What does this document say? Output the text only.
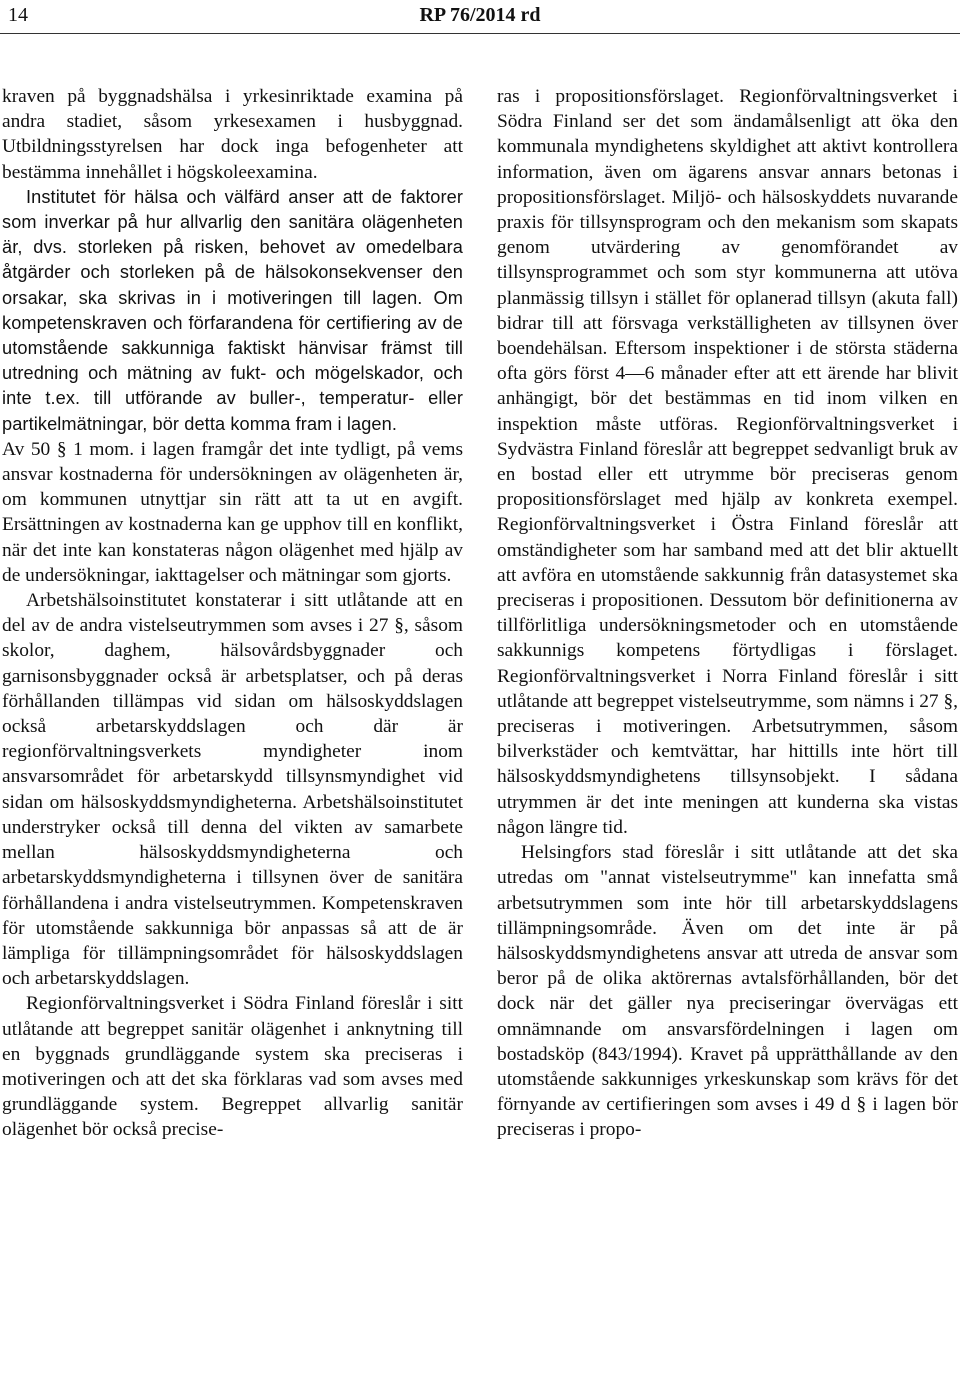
14	RP 76/2014 rd

kraven på byggnadshälsa i yrkesinriktade examina på andra stadiet, såsom yrkesexamen i husbyggnad. Utbildningsstyrelsen har dock inga befogenheter att bestämma innehållet i högskoleexamina.

Institutet för hälsa och välfärd anser att de faktorer som inverkar på hur allvarlig den sanitära olägenheten är, dvs. storleken på risken, behovet av omedelbara åtgärder och storleken på de hälsokonsekvenser den orsakar, ska skrivas in i motiveringen till lagen. Om kompetenskraven och förfarandena för certifiering av de utomstående sakkunniga faktiskt hänvisar främst till utredning och mätning av fukt- och mögelskador, och inte t.ex. till utförande av buller-, temperatur- eller partikelmätningar, bör detta komma fram i lagen.

Av 50 § 1 mom. i lagen framgår det inte tydligt, på vems ansvar kostnaderna för undersökningen av olägenheten är, om kommunen utnyttjar sin rätt att ta ut en avgift. Ersättningen av kostnaderna kan ge upphov till en konflikt, när det inte kan konstateras någon olägenhet med hjälp av de undersökningar, iakttagelser och mätningar som gjorts.

Arbetshälsoinstitutet konstaterar i sitt utlåtande att en del av de andra vistelseutrymmen som avses i 27 §, såsom skolor, daghem, hälsovårdsbyggnader och garnisonsbyggnader också är arbetsplatser, och på deras förhållanden tillämpas vid sidan om hälsoskyddslagen också arbetarskyddslagen och där är regionförvaltningsverkets myndigheter inom ansvarsområdet för arbetarskydd tillsynsmyndighet vid sidan om hälsoskyddsmyndigheterna. Arbetshälsoinstitutet understryker också till denna del vikten av samarbete mellan hälsoskyddsmyndigheterna och arbetarskyddsmyndigheterna i tillsynen över de sanitära förhållandena i andra vistelseutrymmen. Kompetenskraven för utomstående sakkunniga bör anpassas så att de är lämpliga för tillämpningsområdet för hälsoskyddslagen och arbetarskyddslagen.

Regionförvaltningsverket i Södra Finland föreslår i sitt utlåtande att begreppet sanitär olägenhet i anknytning till en byggnads grundläggande system ska preciseras i motiveringen och att det ska förklaras vad som avses med grundläggande system. Begreppet allvarlig sanitär olägenhet bör också precise-

ras i propositionsförslaget. Regionförvaltningsverket i Södra Finland ser det som ändamålsenligt att öka den kommunala myndighetens skyldighet att aktivt kontrollera information, även om ägarens ansvar annars betonas i propositionsförslaget. Miljö- och hälsoskyddets nuvarande praxis för tillsynsprogram och den mekanism som skapats genom utvärdering av genomförandet av tillsynsprogrammet och som styr kommunerna att utöva planmässig tillsyn i stället för oplanerad tillsyn (akuta fall) bidrar till att försvaga verkställigheten av tillsynen över boendehälsan. Eftersom inspektioner i de största städerna ofta görs först 4—6 månader efter att ett ärende har blivit anhängigt, bör det bestämmas en tid inom vilken en inspektion måste utföras. Regionförvaltningsverket i Sydvästra Finland föreslår att begreppet sedvanligt bruk av en bostad eller ett utrymme bör preciseras genom propositionsförslaget med hjälp av konkreta exempel. Regionförvaltningsverket i Östra Finland föreslår att omständigheter som har samband med att det blir aktuellt att avföra en utomstående sakkunnig från datasystemet ska preciseras i propositionen. Dessutom bör definitionerna av tillförlitliga undersökningsmetoder och en utomstående sakkunnigs kompetens förtydligas i förslaget. Regionförvaltningsverket i Norra Finland föreslår i sitt utlåtande att begreppet vistelseutrymme, som nämns i 27 §, preciseras i motiveringen. Arbetsutrymmen, såsom bilverkstäder och kemtvättar, har hittills inte hört till hälsoskyddsmyndighetens tillsynsobjekt. I sådana utrymmen är det inte meningen att kunderna ska vistas någon längre tid.

Helsingfors stad föreslår i sitt utlåtande att det ska utredas om "annat vistelseutrymme" kan innefatta små arbetsutrymmen som inte hör till arbetarskyddslagens tillämpningsområde. Även om det inte är på hälsoskyddsmyndighetens ansvar att utreda de ansvar som beror på de olika aktörernas avtalsförhållanden, bör det dock när det gäller nya preciseringar övervägas ett omnämnande om ansvarsfördelningen i lagen om bostadsköp (843/1994). Kravet på upprätthållande av den utomstående sakkunniges yrkeskunskap som krävs för det förnyande av certifieringen som avses i 49 d § i lagen bör preciseras i propo-
